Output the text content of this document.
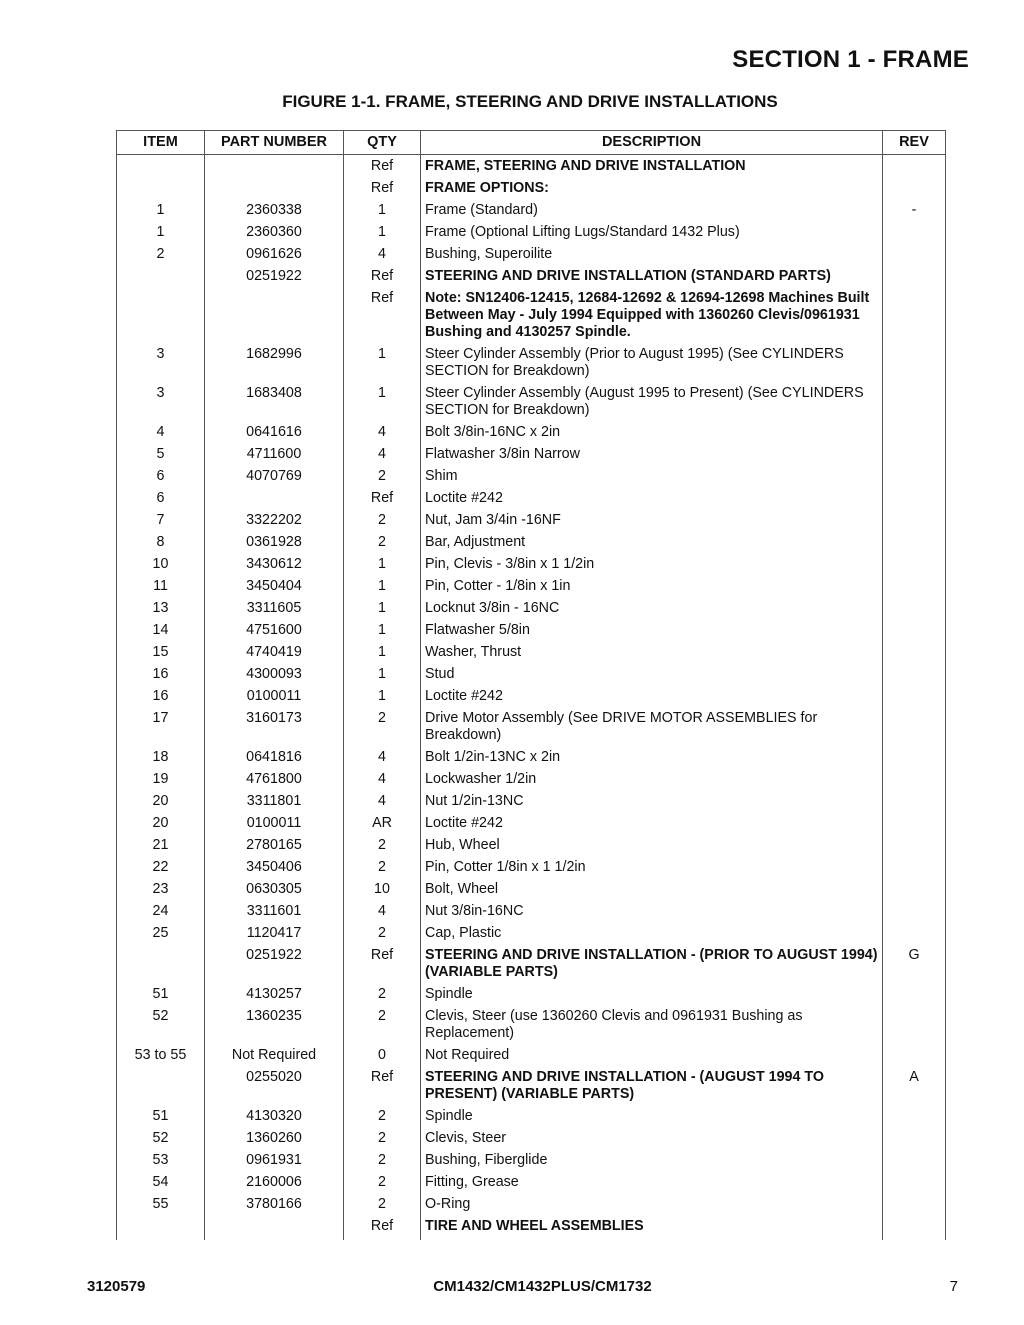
SECTION 1 - FRAME
FIGURE 1-1. FRAME, STEERING AND DRIVE INSTALLATIONS
ITEM	PART NUMBER	QTY	DESCRIPTION	REV
		Ref	FRAME, STEERING AND DRIVE INSTALLATION	
		Ref	FRAME OPTIONS:	
1	2360338	1	Frame (Standard)	-
1	2360360	1	Frame (Optional Lifting Lugs/Standard 1432 Plus)	
2	0961626	4	Bushing, Superoilite	
	0251922	Ref	STEERING AND DRIVE INSTALLATION (STANDARD PARTS)	
		Ref	Note: SN12406-12415, 12684-12692 & 12694-12698 Machines Built Between May - July 1994 Equipped with 1360260 Clevis/0961931 Bushing and 4130257 Spindle.	
3	1682996	1	Steer Cylinder Assembly (Prior to August 1995) (See CYLINDERS SECTION for Breakdown)	
3	1683408	1	Steer Cylinder Assembly (August 1995 to Present) (See CYLINDERS SECTION for Breakdown)	
4	0641616	4	Bolt 3/8in-16NC x 2in	
5	4711600	4	Flatwasher 3/8in Narrow	
6	4070769	2	Shim	
6		Ref	Loctite #242	
7	3322202	2	Nut, Jam 3/4in -16NF	
8	0361928	2	Bar, Adjustment	
10	3430612	1	Pin, Clevis - 3/8in x 1 1/2in	
11	3450404	1	Pin, Cotter - 1/8in x 1in	
13	3311605	1	Locknut 3/8in - 16NC	
14	4751600	1	Flatwasher 5/8in	
15	4740419	1	Washer, Thrust	
16	4300093	1	Stud	
16	0100011	1	Loctite #242	
17	3160173	2	Drive Motor Assembly (See DRIVE MOTOR ASSEMBLIES for Breakdown)	
18	0641816	4	Bolt 1/2in-13NC x 2in	
19	4761800	4	Lockwasher 1/2in	
20	3311801	4	Nut 1/2in-13NC	
20	0100011	AR	Loctite #242	
21	2780165	2	Hub, Wheel	
22	3450406	2	Pin, Cotter 1/8in x 1 1/2in	
23	0630305	10	Bolt, Wheel	
24	3311601	4	Nut 3/8in-16NC	
25	1120417	2	Cap, Plastic	
	0251922	Ref	STEERING AND DRIVE INSTALLATION - (PRIOR TO AUGUST 1994) (VARIABLE PARTS)	G
51	4130257	2	Spindle	
52	1360235	2	Clevis, Steer (use 1360260 Clevis and 0961931 Bushing as Replacement)	
53 to 55	Not Required	0	Not Required	
	0255020	Ref	STEERING AND DRIVE INSTALLATION - (AUGUST 1994 TO PRESENT) (VARIABLE PARTS)	A
51	4130320	2	Spindle	
52	1360260	2	Clevis, Steer	
53	0961931	2	Bushing, Fiberglide	
54	2160006	2	Fitting, Grease	
55	3780166	2	O-Ring	
		Ref	TIRE AND WHEEL ASSEMBLIES	

3120579	CM1432/CM1432PLUS/CM1732	7
